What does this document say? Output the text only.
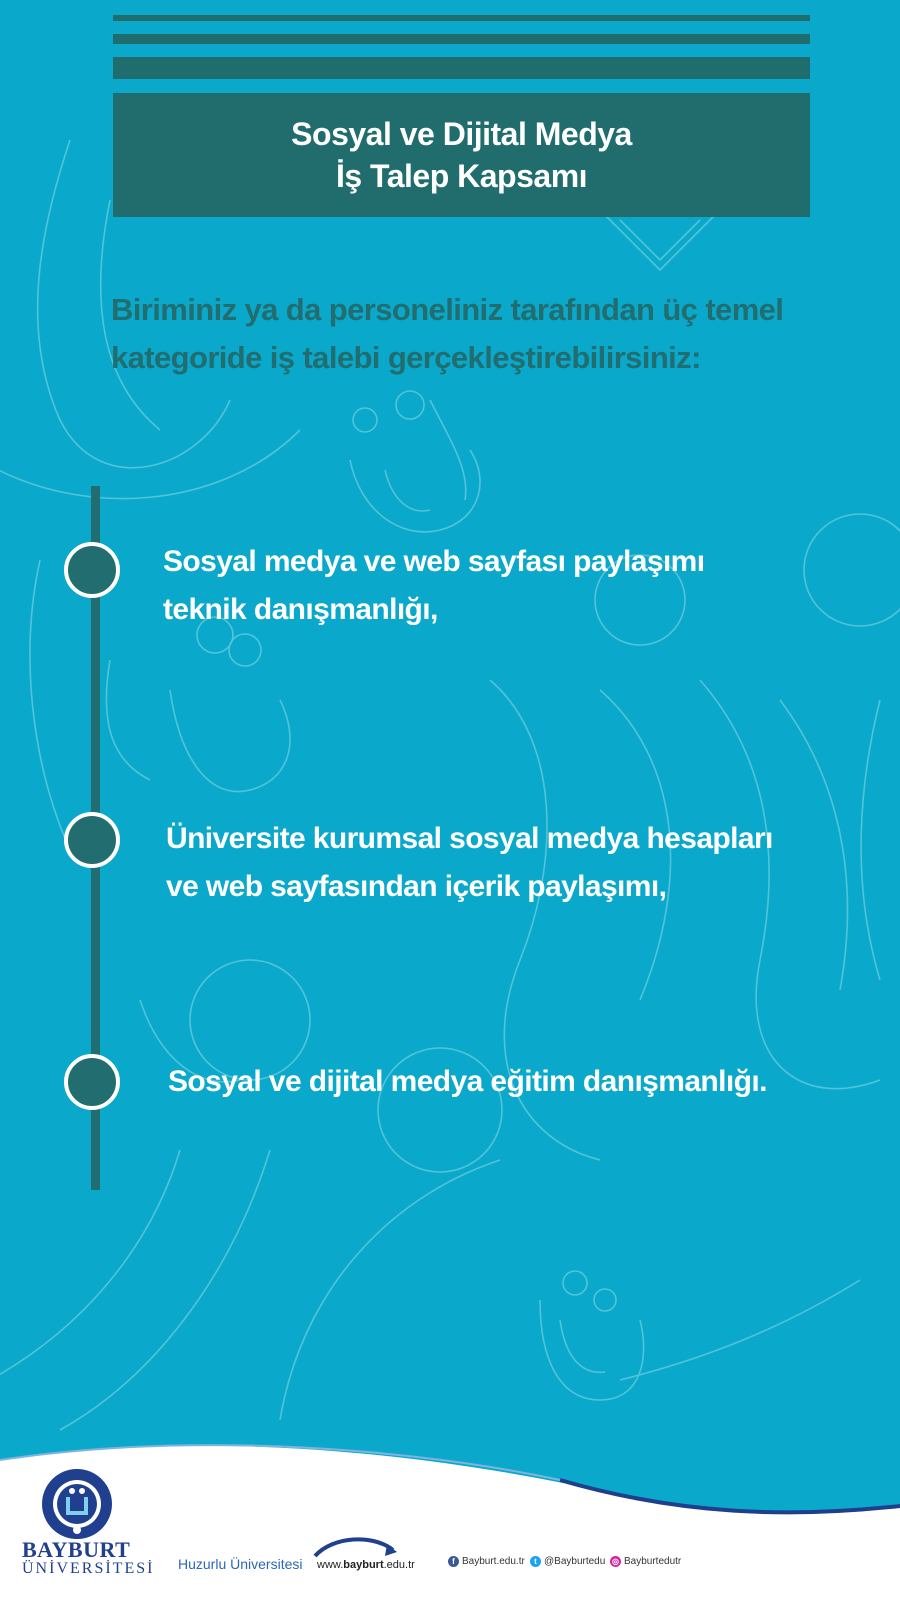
Sosyal ve Dijital Medya
İş Talep Kapsamı
Biriminiz ya da personeliniz tarafından üç temel
kategoride iş talebi gerçekleştirebilirsiniz:
Sosyal medya ve web sayfası paylaşımı
teknik danışmanlığı,
Üniversite kurumsal sosyal medya hesapları
ve web sayfasından içerik paylaşımı,
Sosyal ve dijital medya eğitim danışmanlığı.
BAYBURT
ÜNİVERSİTESİ Huzurlu Üniversitesi www.bayburt.edu.tr	f Bayburt.edu.tr	t @Bayburtedu ◎ Bayburtedutr
